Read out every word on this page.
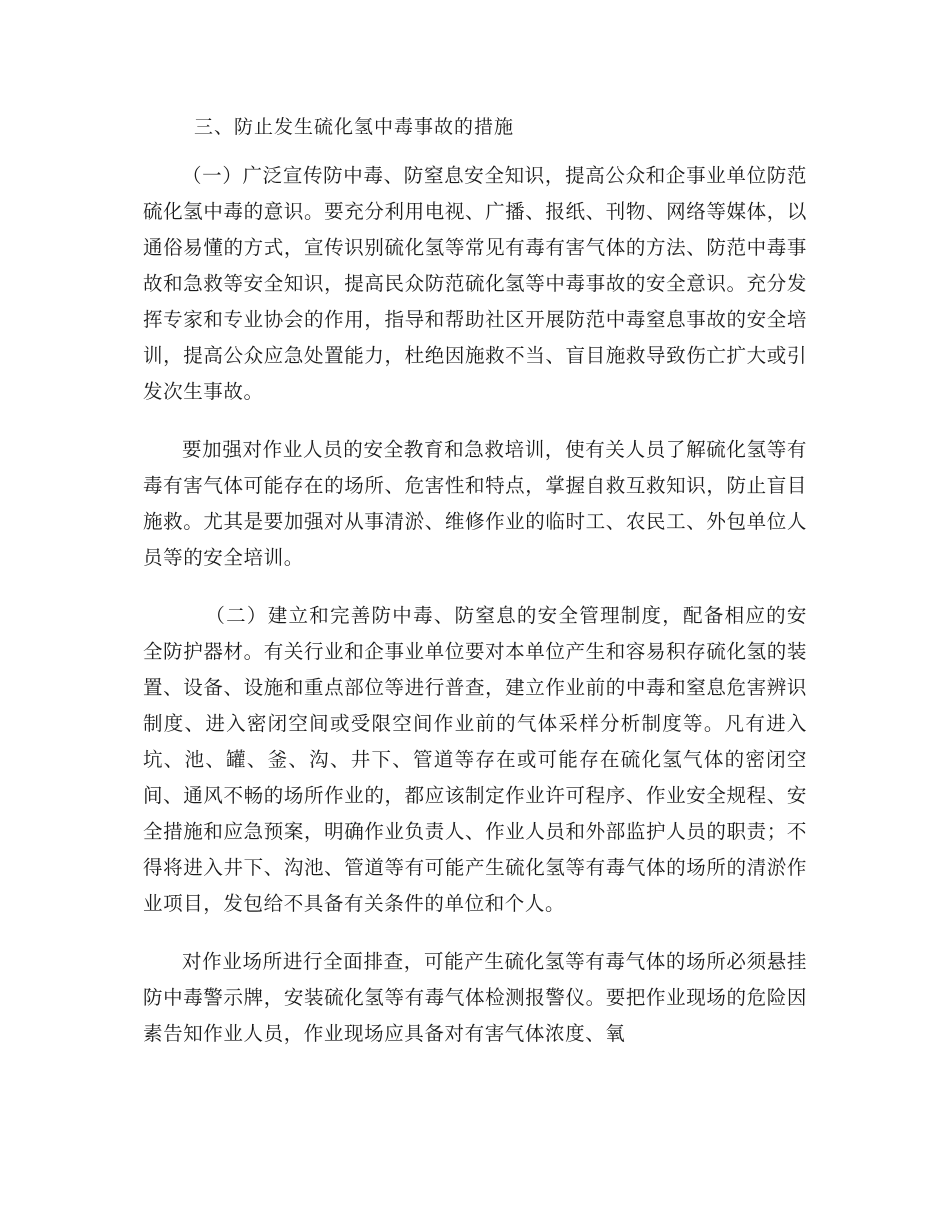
三、防止发生硫化氢中毒事故的措施

（一）广泛宣传防中毒、防窒息安全知识，提高公众和企事业单位防范硫化氢中毒的意识。要充分利用电视、广播、报纸、刊物、网络等媒体，以通俗易懂的方式，宣传识别硫化氢等常见有毒有害气体的方法、防范中毒事故和急救等安全知识，提高民众防范硫化氢等中毒事故的安全意识。充分发挥专家和专业协会的作用，指导和帮助社区开展防范中毒窒息事故的安全培训，提高公众应急处置能力，杜绝因施救不当、盲目施救导致伤亡扩大或引发次生事故。

要加强对作业人员的安全教育和急救培训，使有关人员了解硫化氢等有毒有害气体可能存在的场所、危害性和特点，掌握自救互救知识，防止盲目施救。尤其是要加强对从事清淤、维修作业的临时工、农民工、外包单位人员等的安全培训。

（二）建立和完善防中毒、防窒息的安全管理制度，配备相应的安全防护器材。有关行业和企事业单位要对本单位产生和容易积存硫化氢的装置、设备、设施和重点部位等进行普查，建立作业前的中毒和窒息危害辨识制度、进入密闭空间或受限空间作业前的气体采样分析制度等。凡有进入坑、池、罐、釜、沟、井下、管道等存在或可能存在硫化氢气体的密闭空间、通风不畅的场所作业的，都应该制定作业许可程序、作业安全规程、安全措施和应急预案，明确作业负责人、作业人员和外部监护人员的职责；不得将进入井下、沟池、管道等有可能产生硫化氢等有毒气体的场所的清淤作业项目，发包给不具备有关条件的单位和个人。

对作业场所进行全面排查，可能产生硫化氢等有毒气体的场所必须悬挂防中毒警示牌，安装硫化氢等有毒气体检测报警仪。要把作业现场的危险因素告知作业人员，作业现场应具备对有害气体浓度、氧
